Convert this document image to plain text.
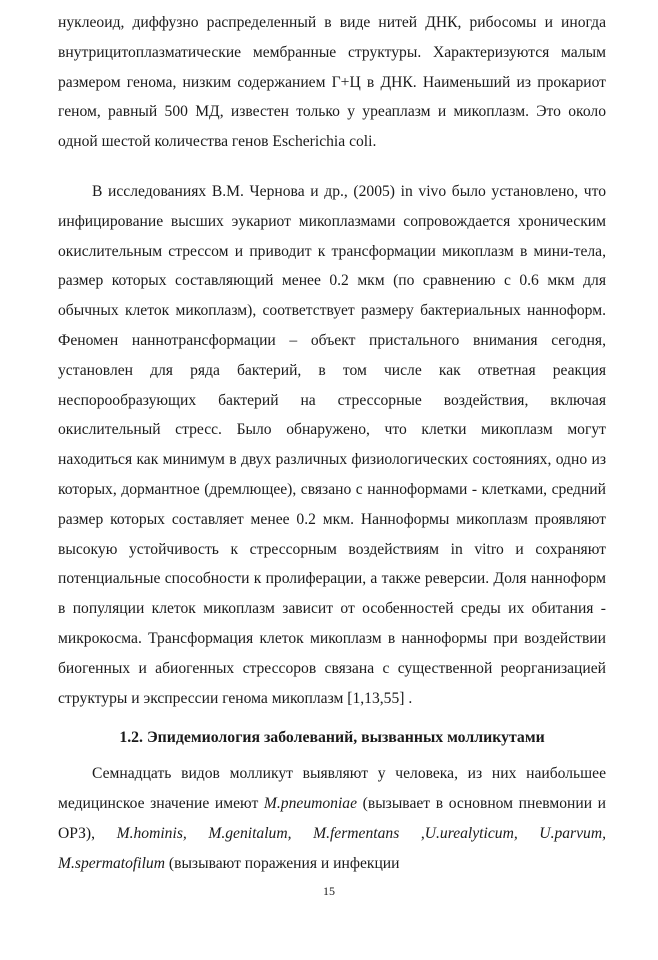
нуклеоид, диффузно распределенный в виде нитей ДНК, рибосомы и иногда внутрицитоплазматические мембранные структуры. Характеризуются малым размером генома, низким содержанием Г+Ц в ДНК. Наименьший из прокариот геном, равный 500 МД, известен только у уреаплазм и микоплазм. Это около одной шестой количества генов Escherichia coli.

В исследованиях В.М. Чернова и др., (2005) in vivo было установлено, что инфицирование высших эукариот микоплазмами сопровождается хроническим окислительным стрессом и приводит к трансформации микоплазм в мини-тела, размер которых составляющий менее 0.2 мкм (по сравнению с 0.6 мкм для обычных клеток микоплазм), соответствует размеру бактериальных наннoформ. Феномен наннотрансформации – объект пристального внимания сегодня, установлен для ряда бактерий, в том числе как ответная реакция неспорообразующих бактерий на стрессорные воздействия, включая окислительный стресс. Было обнаружено, что клетки микоплазм могут находиться как минимум в двух различных физиологических состояниях, одно из которых, дормантное (дремлющее), связано с наннoформами - клетками, средний размер которых составляет менее 0.2 мкм. Наннoформы микоплазм проявляют высокую устойчивость к стрессорным воздействиям in vitro и сохраняют потенциальные способности к пролиферации, а также реверсии. Доля наннoформ в популяции клеток микоплазм зависит от особенностей среды их обитания - микрокосма. Трансформация клеток микоплазм в наннoформы при воздействии биогенных и абиогенных стрессоров связана с существенной реорганизацией структуры и экспрессии генома микоплазм [1,13,55] .

1.2. Эпидемиология заболеваний, вызванных молликутами

Семнадцать видов молликут выявляют у человека, из них наибольшее медицинское значение имеют M.pneumoniae (вызывает в основном пневмонии и ОРЗ), M.hominis, M.genitalum, M.fermentans ,U.urealyticum, U.parvum, M.spermatofilum (вызывают поражения и инфекции

15
